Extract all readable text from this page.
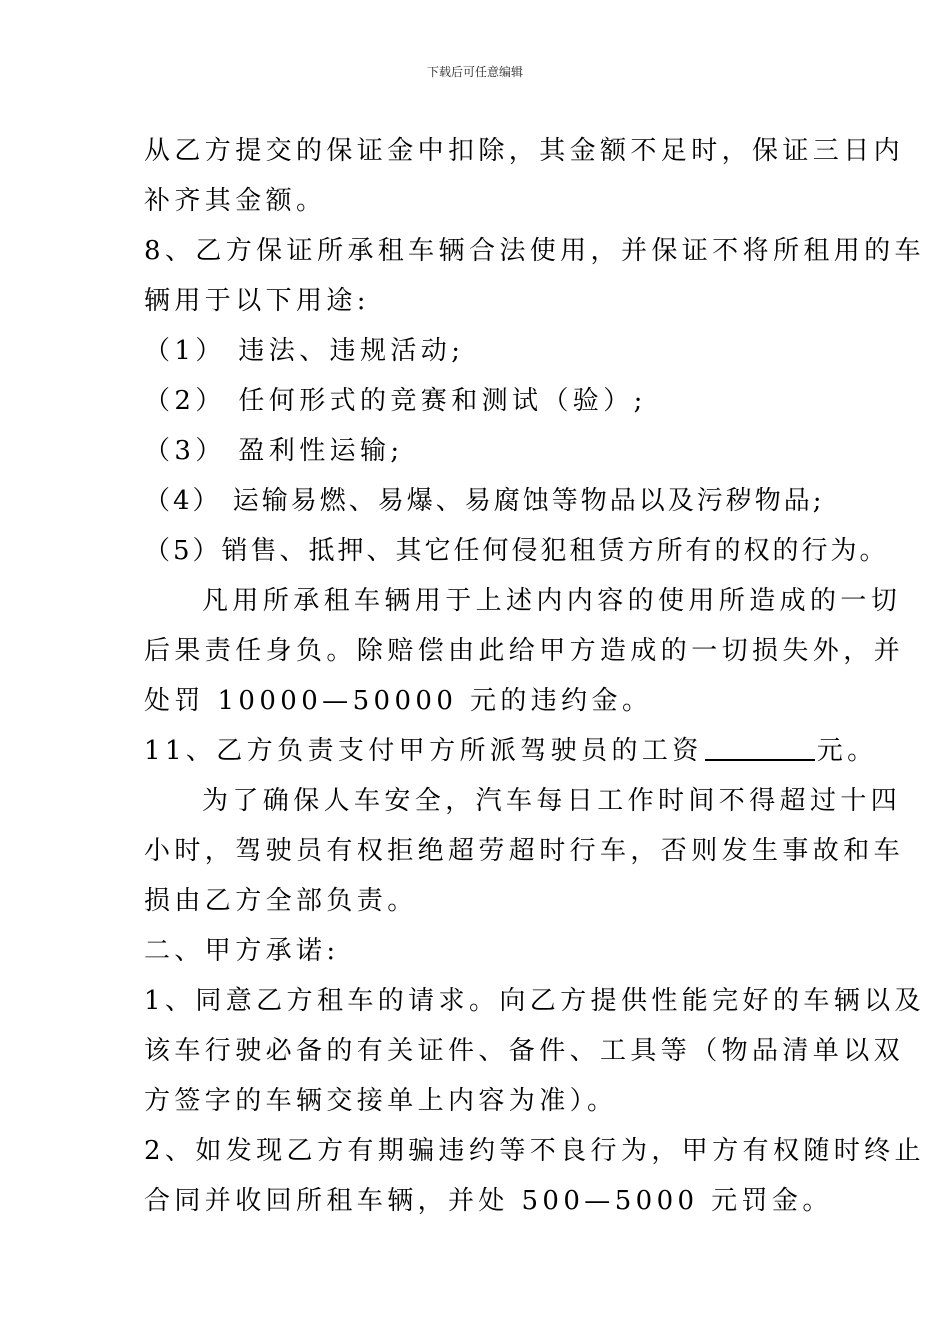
下载后可任意编辑
从乙方提交的保证金中扣除，其金额不足时，保证三日内
补齐其金额。
8、乙方保证所承租车辆合法使用，并保证不将所租用的车
辆用于以下用途:
（1） 违法、违规活动;
（2） 任何形式的竞赛和测试（验）;
（3） 盈利性运输;
（4） 运输易燃、易爆、易腐蚀等物品以及污秽物品;
（5）销售、抵押、其它任何侵犯租赁方所有的权的行为。
凡用所承租车辆用于上述内内容的使用所造成的一切
后果责任身负。除赔偿由此给甲方造成的一切损失外，并
处罚 10000—50000 元的违约金。
11、乙方负责支付甲方所派驾驶员的工资	元。
为了确保人车安全，汽车每日工作时间不得超过十四
小时，驾驶员有权拒绝超劳超时行车，否则发生事故和车
损由乙方全部负责。
二、甲方承诺:
1、同意乙方租车的请求。向乙方提供性能完好的车辆以及
该车行驶必备的有关证件、备件、工具等（物品清单以双
方签字的车辆交接单上内容为准）。
2、如发现乙方有期骗违约等不良行为，甲方有权随时终止
合同并收回所租车辆，并处 500—5000 元罚金。
